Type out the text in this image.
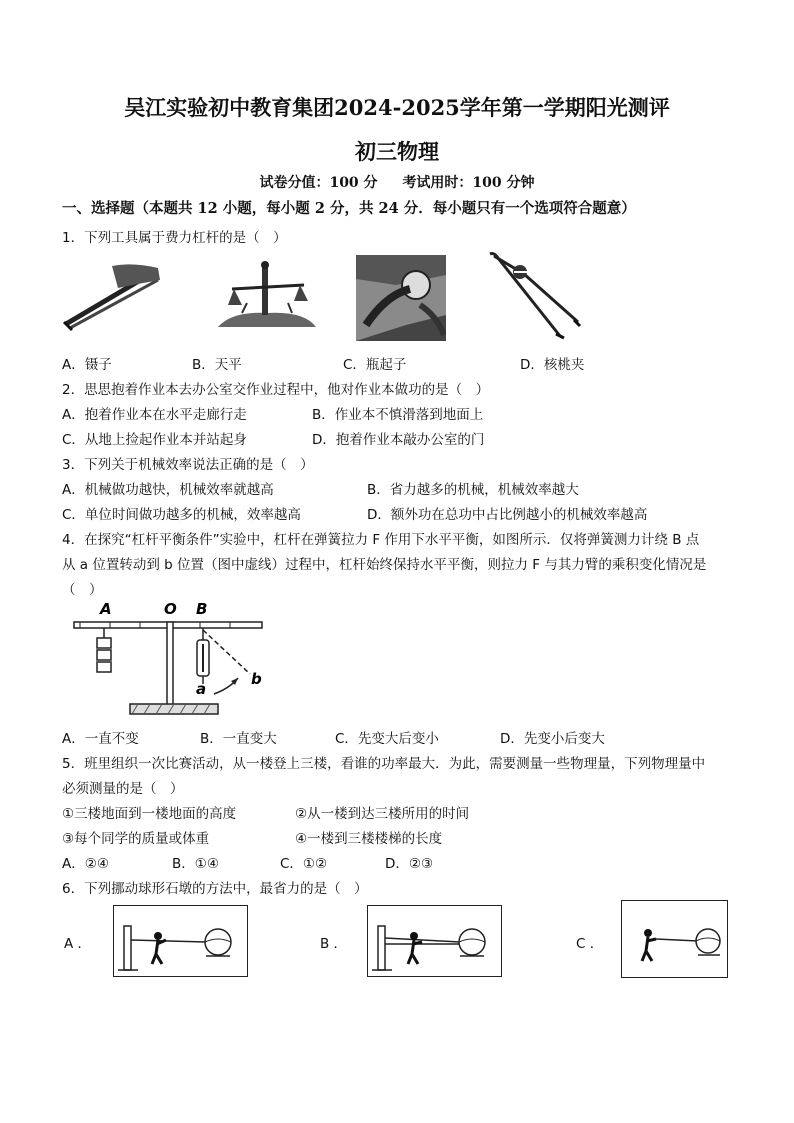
吴江实验初中教育集团2024-2025学年第一学期阳光测评
初三物理
试卷分值：100 分 考试用时：100 分钟
一、选择题（本题共 12 小题，每小题 2 分，共 24 分．每小题只有一个选项符合题意）
1．下列工具属于费力杠杆的是（　）
A．镊子	B．天平	C．瓶起子	D．核桃夹
2．思思抱着作业本去办公室交作业过程中，他对作业本做功的是（　）
A．抱着作业本在水平走廊行走	B．作业本不慎滑落到地面上
C．从地上捡起作业本并站起身	D．抱着作业本敲办公室的门
3．下列关于机械效率说法正确的是（　）
A．机械做功越快，机械效率就越高	B．省力越多的机械，机械效率越大
C．单位时间做功越多的机械，效率越高	D．额外功在总功中占比例越小的机械效率越高
4．在探究“杠杆平衡条件”实验中，杠杆在弹簧拉力 F 作用下水平平衡，如图所示．仅将弹簧测力计绕 B 点
从 a 位置转动到 b 位置（图中虚线）过程中，杠杆始终保持水平平衡，则拉力 F 与其力臂的乘积变化情况是
（　）
A	O B
a
b
A．一直不变	B．一直变大	C．先变大后变小	D．先变小后变大
5．班里组织一次比赛活动，从一楼登上三楼，看谁的功率最大．为此，需要测量一些物理量，下列物理量中
必须测量的是（　）
①三楼地面到一楼地面的高度	②从一楼到达三楼所用的时间
③每个同学的质量或体重	④一楼到三楼楼梯的长度
A．②④	B．①④	C．①②	D．②③
6．下列挪动球形石墩的方法中，最省力的是（　）
A ．	B ．	C ．
